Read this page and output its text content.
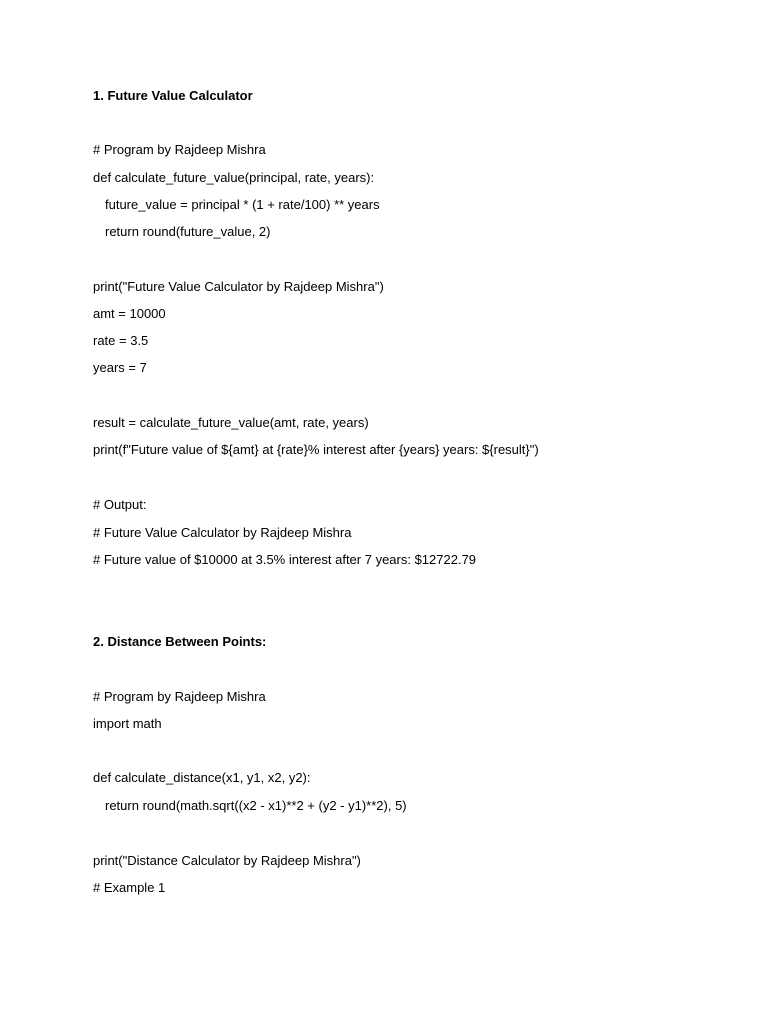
1. Future Value Calculator
# Program by Rajdeep Mishra
def calculate_future_value(principal, rate, years):
future_value = principal * (1 + rate/100) ** years
return round(future_value, 2)
print("Future Value Calculator by Rajdeep Mishra")
amt = 10000
rate = 3.5
years = 7
result = calculate_future_value(amt, rate, years)
print(f"Future value of ${amt} at {rate}% interest after {years} years: ${result}")
# Output:
# Future Value Calculator by Rajdeep Mishra
# Future value of $10000 at 3.5% interest after 7 years: $12722.79
2. Distance Between Points:
# Program by Rajdeep Mishra
import math
def calculate_distance(x1, y1, x2, y2):
return round(math.sqrt((x2 - x1)**2 + (y2 - y1)**2), 5)
print("Distance Calculator by Rajdeep Mishra")
# Example 1
